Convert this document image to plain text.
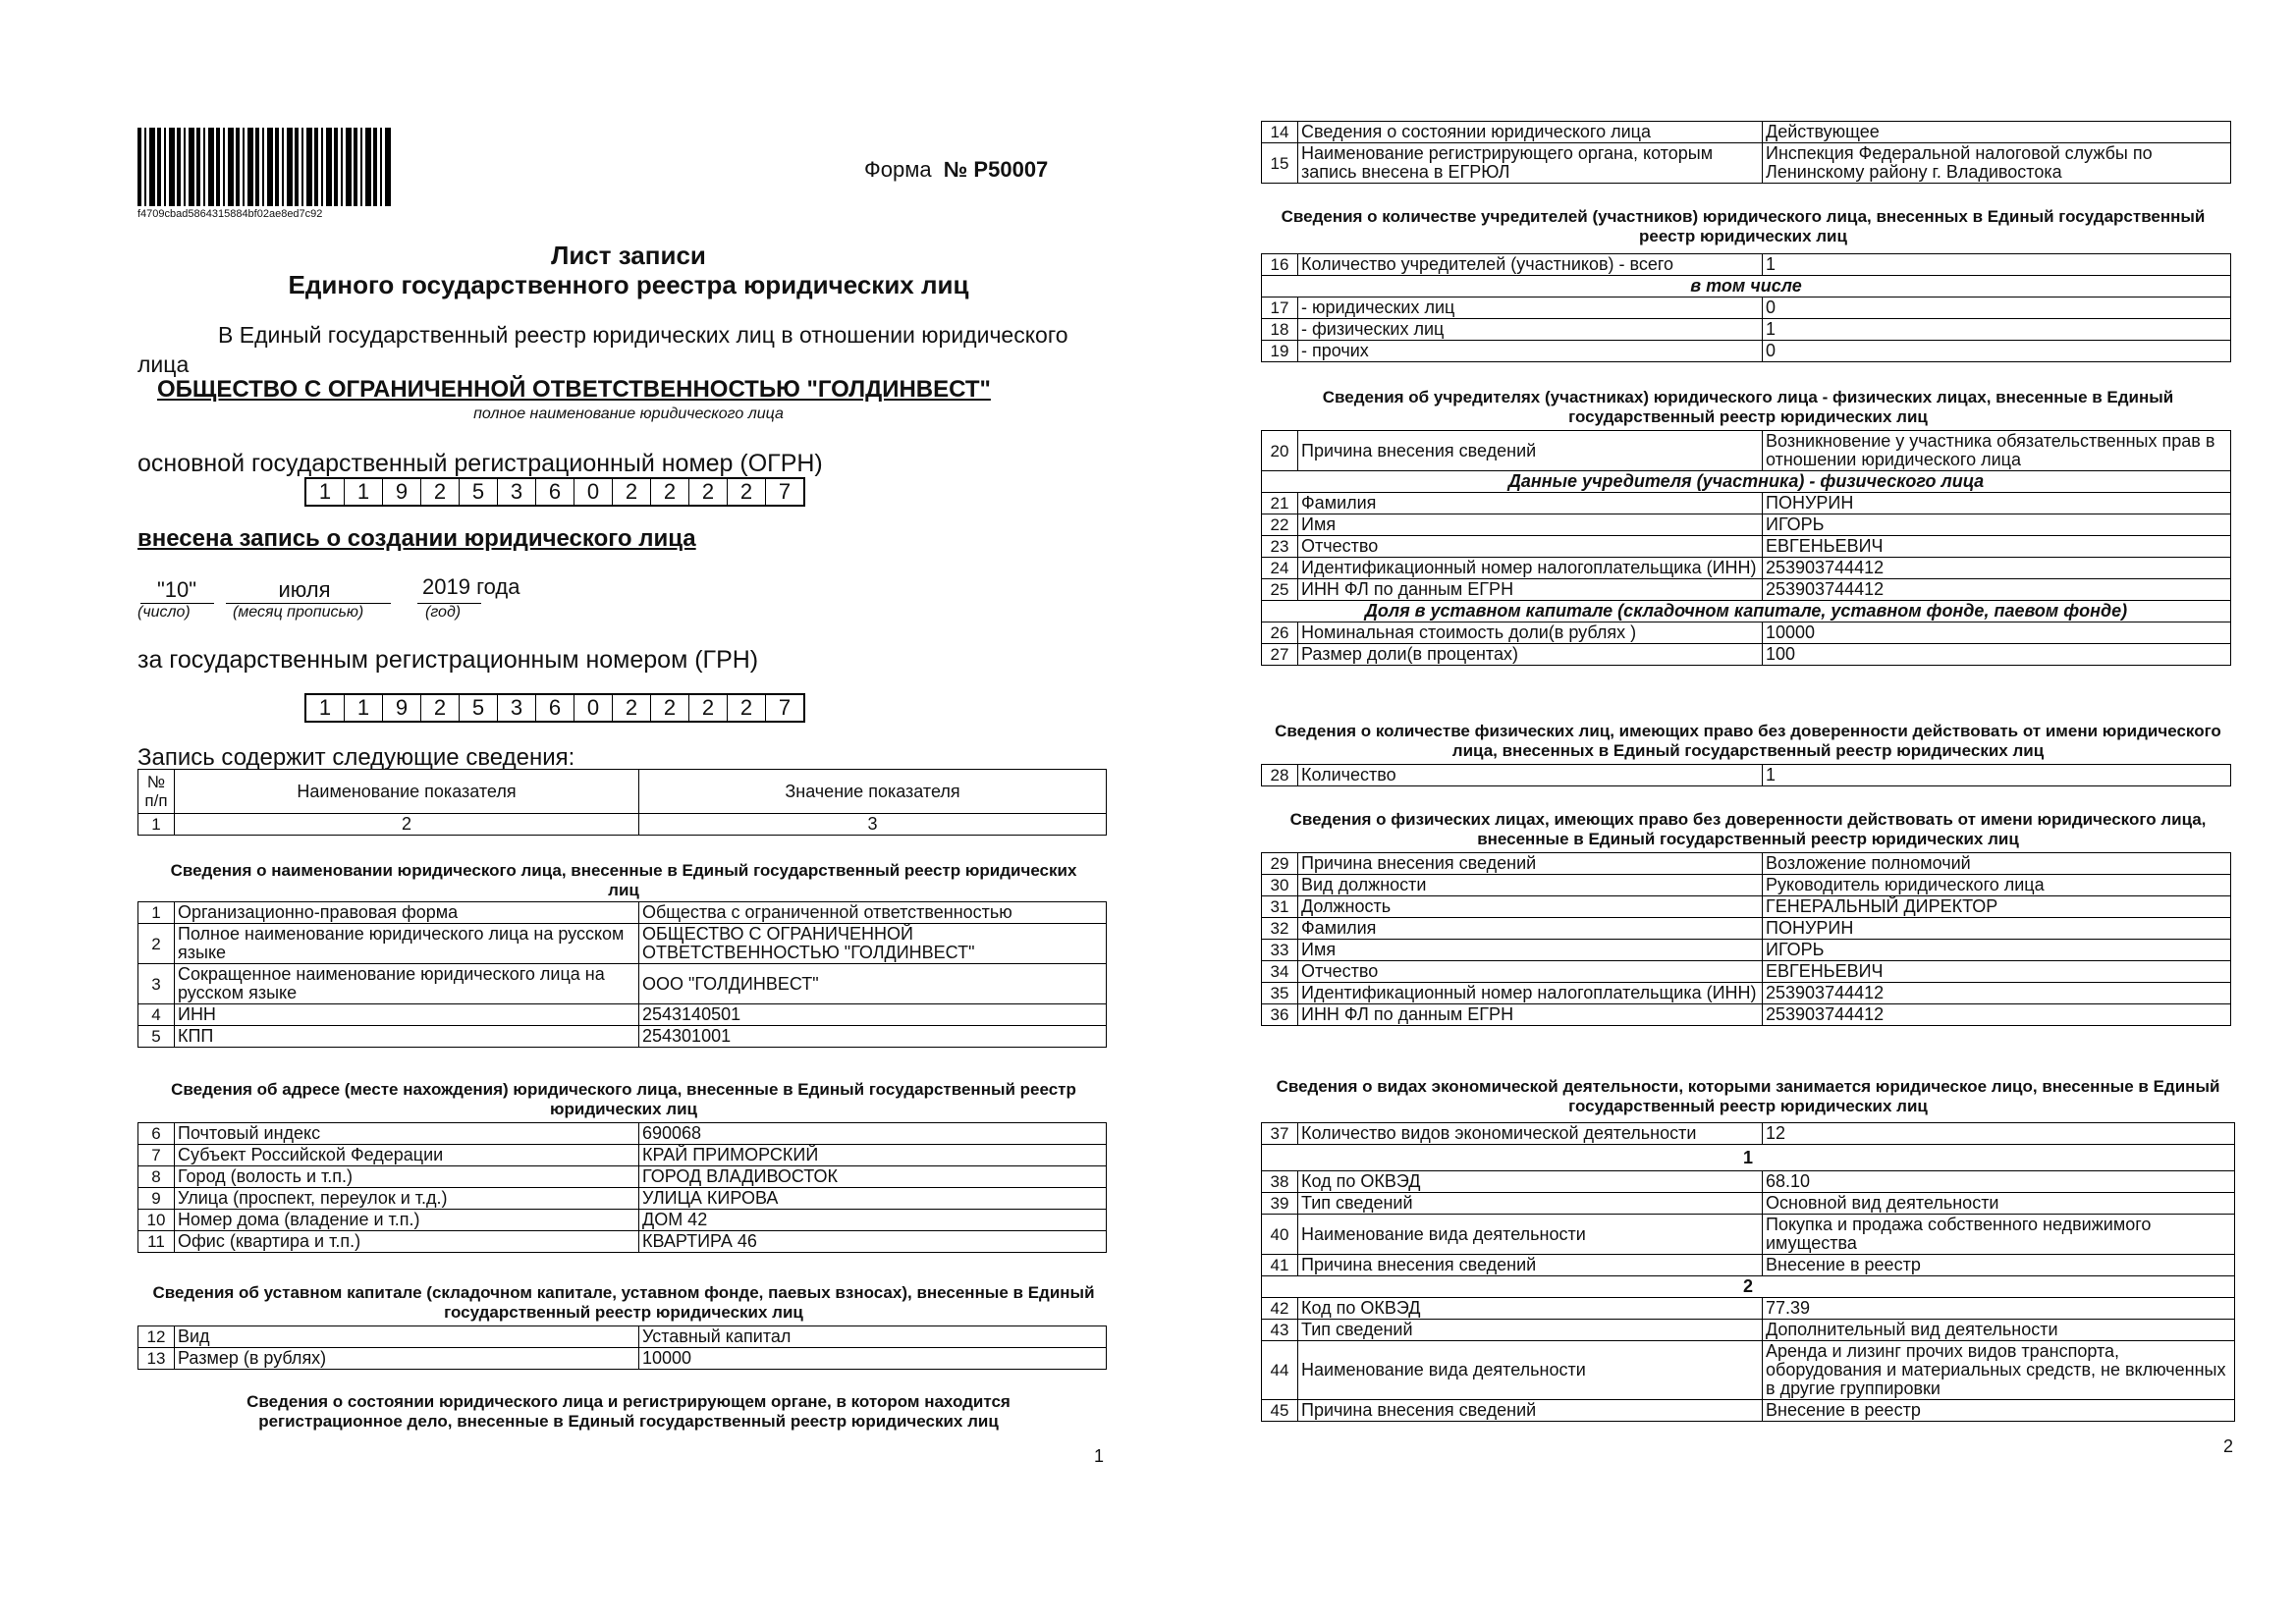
f4709cbad5864315884bf02ae8ed7c92
Форма № Р50007
Лист записи
Единого государственного реестра юридических лиц
В Единый государственный реестр юридических лиц в отношении юридического
лица
ОБЩЕСТВО С ОГРАНИЧЕННОЙ ОТВЕТСТВЕННОСТЬЮ "ГОЛДИНВЕСТ"
полное наименование юридического лица
основной государственный регистрационный номер (ОГРН)
1	1	9	2	5	3	6	0	2	2	2	2	7
внесена запись о создании юридического лица
"10"
(число)
июля
(месяц прописью)
2019 года
(год)
за государственным регистрационным номером (ГРН)
1	1	9	2	5	3	6	0	2	2	2	2	7
Запись содержит следующие сведения:
№ п/п	Наименование показателя	Значение показателя
1	2	3
Сведения о наименовании юридического лица, внесенные в Единый государственный реестр юридических лиц
1	Организационно-правовая форма	Общества с ограниченной ответственностью
2	Полное наименование юридического лица на русском языке	ОБЩЕСТВО С ОГРАНИЧЕННОЙ ОТВЕТСТВЕННОСТЬЮ "ГОЛДИНВЕСТ"
3	Сокращенное наименование юридического лица на русском языке	ООО "ГОЛДИНВЕСТ"
4	ИНН	2543140501
5	КПП	254301001
Сведения об адресе (месте нахождения) юридического лица, внесенные в Единый государственный реестр юридических лиц
6	Почтовый индекс	690068
7	Субъект Российской Федерации	КРАЙ ПРИМОРСКИЙ
8	Город (волость и т.п.)	ГОРОД ВЛАДИВОСТОК
9	Улица (проспект, переулок и т.д.)	УЛИЦА КИРОВА
10	Номер дома (владение и т.п.)	ДОМ 42
11	Офис (квартира и т.п.)	КВАРТИРА 46
Сведения об уставном капитале (складочном капитале, уставном фонде, паевых взносах), внесенные в Единый государственный реестр юридических лиц
12	Вид	Уставный капитал
13	Размер (в рублях)	10000
Сведения о состоянии юридического лица и регистрирующем органе, в котором находится регистрационное дело, внесенные в Единый государственный реестр юридических лиц
1
14	Сведения о состоянии юридического лица	Действующее
15	Наименование регистрирующего органа, которым запись внесена в ЕГРЮЛ	Инспекция Федеральной налоговой службы по Ленинскому району г. Владивостока
Сведения о количестве учредителей (участников) юридического лица, внесенных в Единый государственный реестр юридических лиц
16	Количество учредителей (участников) - всего	1
в том числе		
17	- юридических лиц	0
18	- физических лиц	1
19	- прочих	0
Сведения об учредителях (участниках) юридического лица - физических лицах, внесенные в Единый государственный реестр юридических лиц
20	Причина внесения сведений	Возникновение у участника обязательственных прав в отношении юридического лица
Данные учредителя (участника) - физического лица		
21	Фамилия	ПОНУРИН
22	Имя	ИГОРЬ
23	Отчество	ЕВГЕНЬЕВИЧ
24	Идентификационный номер налогоплательщика (ИНН)	253903744412
25	ИНН ФЛ по данным ЕГРН	253903744412
Доля в уставном капитале (складочном капитале, уставном фонде, паевом фонде)		
26	Номинальная стоимость доли(в рублях )	10000
27	Размер доли(в процентах)	100
Сведения о количестве физических лиц, имеющих право без доверенности действовать от имени юридического лица, внесенных в Единый государственный реестр юридических лиц
28	Количество	1
Сведения о физических лицах, имеющих право без доверенности действовать от имени юридического лица, внесенные в Единый государственный реестр юридических лиц
29	Причина внесения сведений	Возложение полномочий
30	Вид должности	Руководитель юридического лица
31	Должность	ГЕНЕРАЛЬНЫЙ ДИРЕКТОР
32	Фамилия	ПОНУРИН
33	Имя	ИГОРЬ
34	Отчество	ЕВГЕНЬЕВИЧ
35	Идентификационный номер налогоплательщика (ИНН)	253903744412
36	ИНН ФЛ по данным ЕГРН	253903744412
Сведения о видах экономической деятельности, которыми занимается юридическое лицо, внесенные в Единый государственный реестр юридических лиц
37	Количество видов экономической деятельности	12
1		
38	Код по ОКВЭД	68.10
39	Тип сведений	Основной вид деятельности
40	Наименование вида деятельности	Покупка и продажа собственного недвижимого имущества
41	Причина внесения сведений	Внесение в реестр
2		
42	Код по ОКВЭД	77.39
43	Тип сведений	Дополнительный вид деятельности
44	Наименование вида деятельности	Аренда и лизинг прочих видов транспорта, оборудования и материальных средств, не включенных в другие группировки
45	Причина внесения сведений	Внесение в реестр
2
